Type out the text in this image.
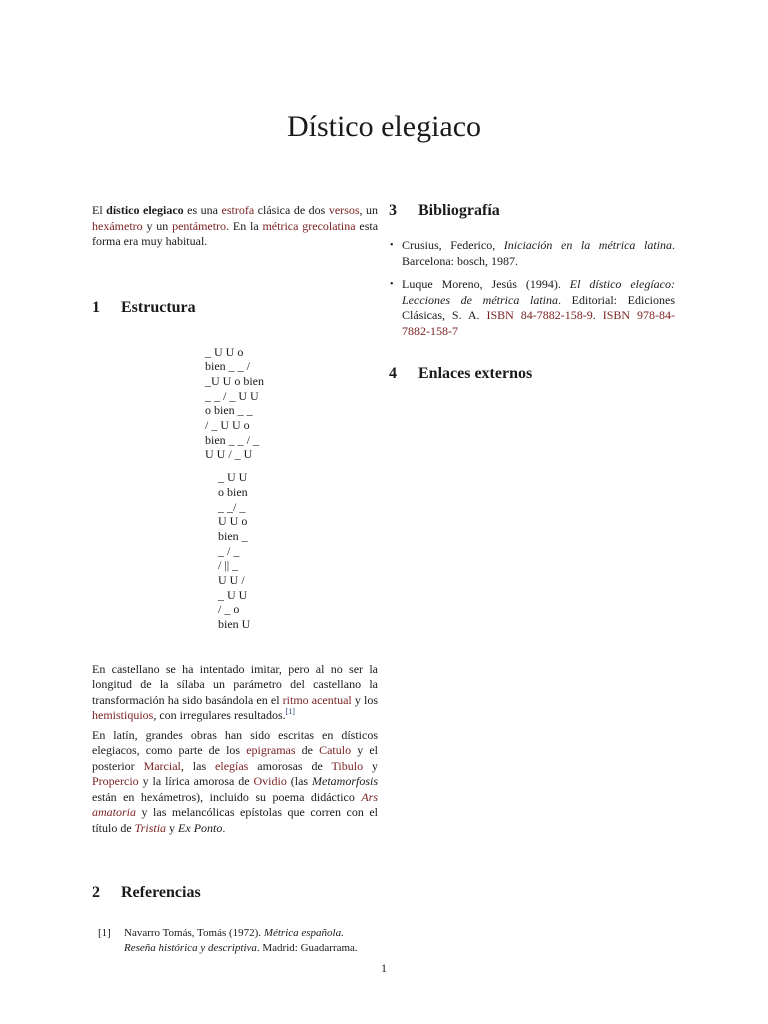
Dístico elegiaco

El dístico elegiaco es una estrofa clásica de dos versos, un hexámetro y un pentámetro. En la métrica grecolatina esta forma era muy habitual.

1	Estructura
_ U U o
bien _ _ /
_U U o bien
_ _ / _ U U
o bien _ _
/ _ U U o
bien _ _ / _
U U / _ U
_ U U
o bien
_ _/ _
U U o
bien _
_ / _
/ || _
U U /
_ U U
/ _ o
bien U

En castellano se ha intentado imitar, pero al no ser la longitud de la sílaba un parámetro del castellano la transformación ha sido basándola en el ritmo acentual y los hemistiquios, con irregulares resultados.[1]

En latín, grandes obras han sido escritas en dísticos elegiacos, como parte de los epigramas de Catulo y el posterior Marcial, las elegías amorosas de Tibulo y Propercio y la lírica amorosa de Ovidio (las Metamorfosis están en hexámetros), incluido su poema didáctico Ars amatoria y las melancólicas epístolas que corren con el título de Tristia y Ex Ponto.

2	Referencias
[1]	Navarro Tomás, Tomás (1972). Métrica española. Reseña histórica y descriptiva. Madrid: Guadarrama.
3	Bibliografía
• Crusius, Federico, Iniciación en la métrica latina. Barcelona: bosch, 1987.
• Luque Moreno, Jesús (1994). El dístico elegíaco: Lecciones de métrica latina. Editorial: Ediciones Clásicas, S. A. ISBN 84-7882-158-9. ISBN 978-84-7882-158-7
4	Enlaces externos
1
